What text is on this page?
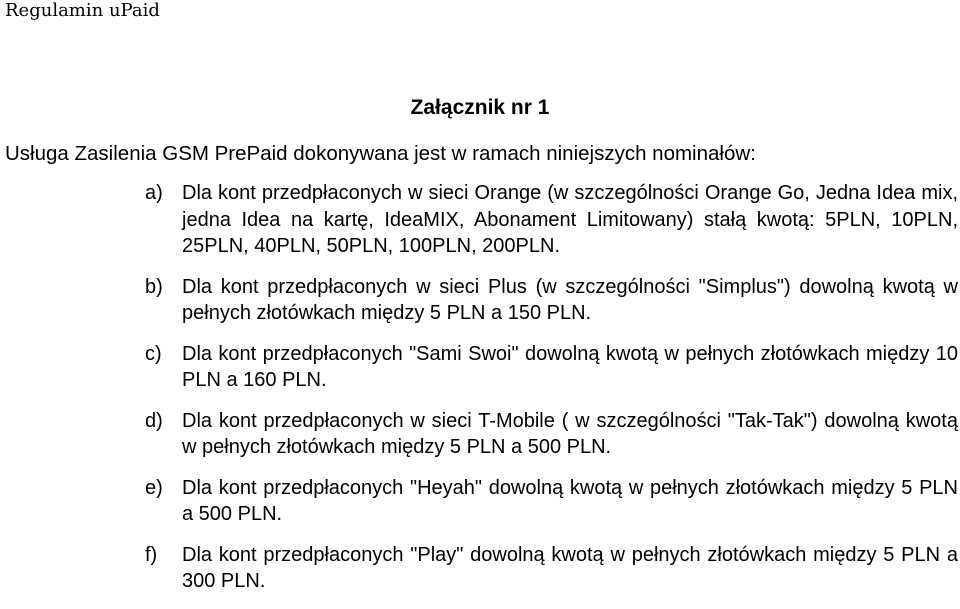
Regulamin uPaid
Załącznik nr 1

Usługa Zasilenia GSM PrePaid dokonywana jest w ramach niniejszych nominałów:

a) Dla kont przedpłaconych w sieci Orange (w szczególności Orange Go, Jedna Idea mix, jedna Idea na kartę, IdeaMIX, Abonament Limitowany) stałą kwotą: 5PLN, 10PLN, 25PLN, 40PLN, 50PLN, 100PLN, 200PLN.
b) Dla kont przedpłaconych w sieci Plus (w szczególności "Simplus") dowolną kwotą w pełnych złotówkach między 5 PLN a 150 PLN.
c)	Dla kont przedpłaconych "Sami Swoi" dowolną kwotą w pełnych złotówkach między 10 PLN a 160 PLN.
d) Dla kont przedpłaconych w sieci T-Mobile ( w szczególności "Tak-Tak") dowolną kwotą w pełnych złotówkach między 5 PLN a 500 PLN.
e) Dla kont przedpłaconych "Heyah" dowolną kwotą w pełnych złotówkach między 5 PLN a 500 PLN.
f)	Dla kont przedpłaconych "Play" dowolną kwotą w pełnych złotówkach między 5 PLN a 300 PLN.
